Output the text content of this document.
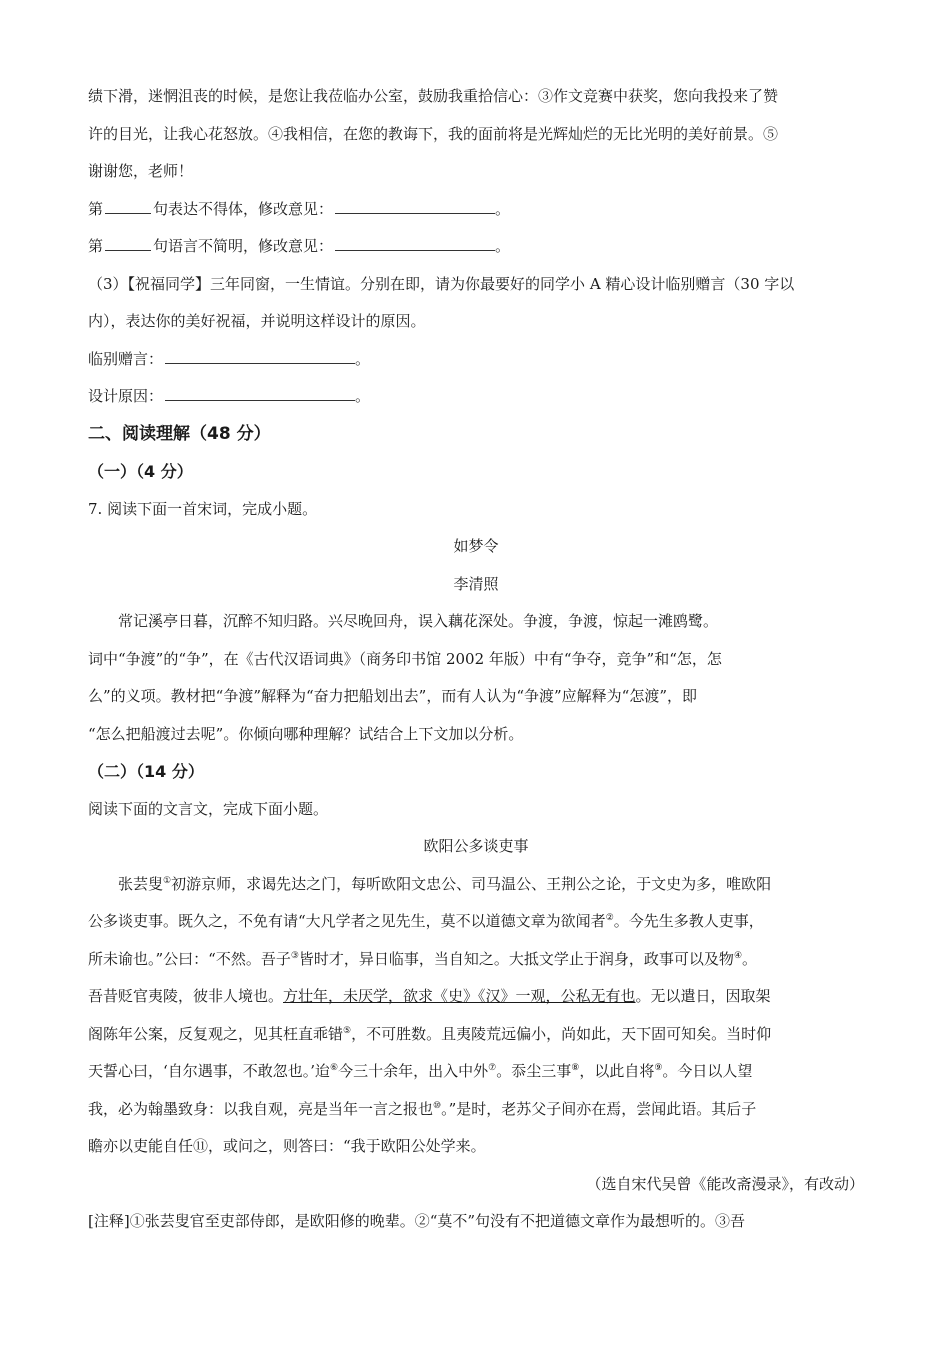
绩下滑，迷惘沮丧的时候，是您让我莅临办公室，鼓励我重拾信心：③作文竞赛中获奖，您向我投来了赞

许的目光，让我心花怒放。④我相信，在您的教诲下，我的面前将是光辉灿烂的无比光明的美好前景。⑤

谢谢您，老师！

第	句表达不得体，修改意见：	。

第	句语言不简明，修改意见：	。

（3）【祝福同学】三年同窗，一生情谊。分别在即，请为你最要好的同学小 A 精心设计临别赠言（30 字以

内），表达你的美好祝福，并说明这样设计的原因。

临别赠言：	。

设计原因：	。

二、阅读理解（48 分）

（一）（4 分）

7. 阅读下面一首宋词，完成小题。

如梦令

李清照

常记溪亭日暮，沉醉不知归路。兴尽晚回舟，误入藕花深处。争渡，争渡，惊起一滩鸥鹭。

词中“争渡”的“争”，在《古代汉语词典》（商务印书馆 2002 年版）中有“争夺，竞争”和“怎，怎

么”的义项。教材把“争渡”解释为“奋力把船划出去”，而有人认为“争渡”应解释为“怎渡”，即

“怎么把船渡过去呢”。你倾向哪种理解？试结合上下文加以分析。

（二）（14 分）

阅读下面的文言文，完成下面小题。

欧阳公多谈吏事

张芸叟①初游京师，求谒先达之门，每听欧阳文忠公、司马温公、王荆公之论，于文史为多，唯欧阳

公多谈吏事。既久之，不免有请“大凡学者之见先生，莫不以道德文章为欲闻者②。今先生多教人吏事，

所未谕也。”公曰：“不然。吾子③皆时才，异日临事，当自知之。大抵文学止于润身，政事可以及物④。

吾昔贬官夷陵，彼非人境也。方壮年，未厌学，欲求《史》《汉》一观，公私无有也。无以遣日，因取架

阁陈年公案，反复观之，见其枉直乖错⑤，不可胜数。且夷陵荒远偏小，尚如此，天下固可知矣。当时仰

天誓心曰，‘自尔遇事，不敢忽也。’迨⑥今三十余年，出入中外⑦。忝尘三事⑧，以此自将⑨。今日以人望

我，必为翰墨致身：以我自观，亮是当年一言之报也⑩。”是时，老苏父子间亦在焉，尝闻此语。其后子

瞻亦以吏能自任⑪，或问之，则答曰：“我于欧阳公处学来。

（选自宋代吴曾《能改斋漫录》，有改动）

[注释]①张芸叟官至吏部侍郎，是欧阳修的晚辈。②“莫不”句没有不把道德文章作为最想听的。③吾
